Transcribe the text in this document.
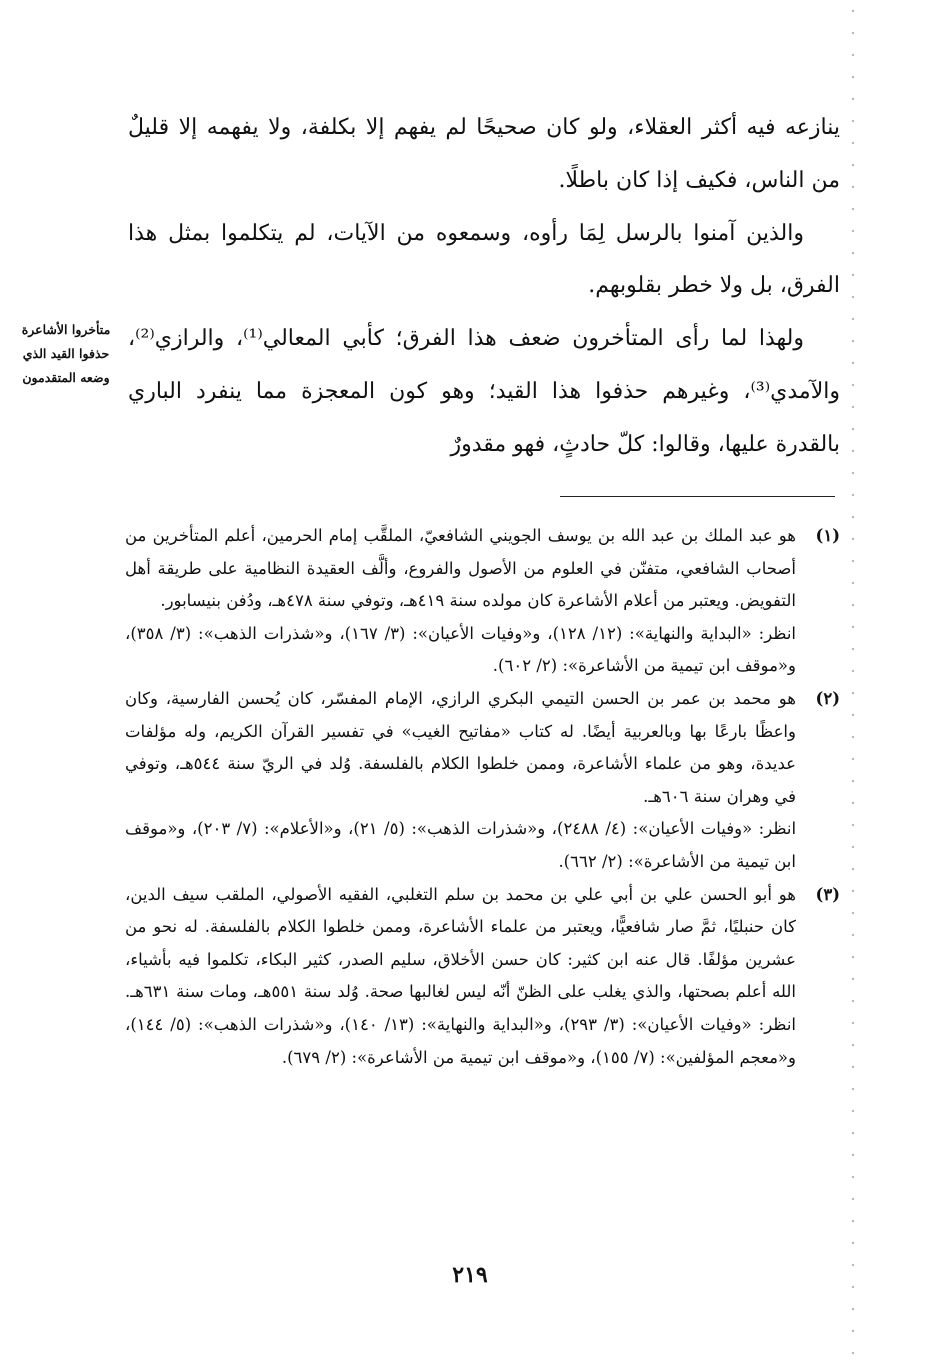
ينازعه فيه أكثر العقلاء، ولو كان صحيحًا لم يفهم إلا بكلفة، ولا يفهمه إلا قليلٌ من الناس، فكيف إذا كان باطلًا.

والذين آمنوا بالرسل لِمَا رأوه، وسمعوه من الآيات، لم يتكلموا بمثل هذا الفرق، بل ولا خطر بقلوبهم.

ولهذا لما رأى المتأخرون ضعف هذا الفرق؛ كأبي المعالي⁽¹⁾، والرازي⁽²⁾، والآمدي⁽³⁾، وغيرهم حذفوا هذا القيد؛ وهو كون المعجزة مما ينفرد الباري بالقدرة عليها، وقالوا: كلّ حادثٍ، فهو مقدورٌ

متأخروا الأشاعرة
حذفوا القيد الذي
وضعه المتقدمون
(١)

هو عبد الملك بن عبد الله بن يوسف الجويني الشافعيّ، الملقَّب إمام الحرمين، أعلم المتأخرين من أصحاب الشافعي، متفنّن في العلوم من الأصول والفروع، وألَّف العقيدة النظامية على طريقة أهل التفويض. ويعتبر من أعلام الأشاعرة كان مولده سنة ٤١٩هـ، وتوفي سنة ٤٧٨هـ، ودُفن بنيسابور.

انظر: «البداية والنهاية»: (١٢/ ١٢٨)، و«وفيات الأعيان»: (٣/ ١٦٧)، و«شذرات الذهب»: (٣/ ٣٥٨)، و«موقف ابن تيمية من الأشاعرة»: (٢/ ٦٠٢).

(٢)

هو محمد بن عمر بن الحسن التيمي البكري الرازي، الإمام المفسّر، كان يُحسن الفارسية، وكان واعظًا بارعًا بها وبالعربية أيضًا. له كتاب «مفاتيح الغيب» في تفسير القرآن الكريم، وله مؤلفات عديدة، وهو من علماء الأشاعرة، وممن خلطوا الكلام بالفلسفة. وُلد في الريّ سنة ٥٤٤هـ، وتوفي في وهران سنة ٦٠٦هـ.

انظر: «وفيات الأعيان»: (٤/ ٢٤٨٨)، و«شذرات الذهب»: (٥/ ٢١)، و«الأعلام»: (٧/ ٢٠٣)، و«موقف ابن تيمية من الأشاعرة»: (٢/ ٦٦٢).

(٣)

هو أبو الحسن علي بن أبي علي بن محمد بن سلم التغلبي، الفقيه الأصولي، الملقب سيف الدين، كان حنبليًا، ثمَّ صار شافعيًّا، ويعتبر من علماء الأشاعرة، وممن خلطوا الكلام بالفلسفة. له نحو من عشرين مؤلفًا. قال عنه ابن كثير: كان حسن الأخلاق، سليم الصدر، كثير البكاء، تكلموا فيه بأشياء، الله أعلم بصحتها، والذي يغلب على الظنّ أنّه ليس لغالبها صحة. وُلد سنة ٥٥١هـ، ومات سنة ٦٣١هـ. انظر: «وفيات الأعيان»: (٣/ ٢٩٣)، و«البداية والنهاية»: (١٣/ ١٤٠)، و«شذرات الذهب»: (٥/ ١٤٤)، و«معجم المؤلفين»: (٧/ ١٥٥)، و«موقف ابن تيمية من الأشاعرة»: (٢/ ٦٧٩).

٢١٩
